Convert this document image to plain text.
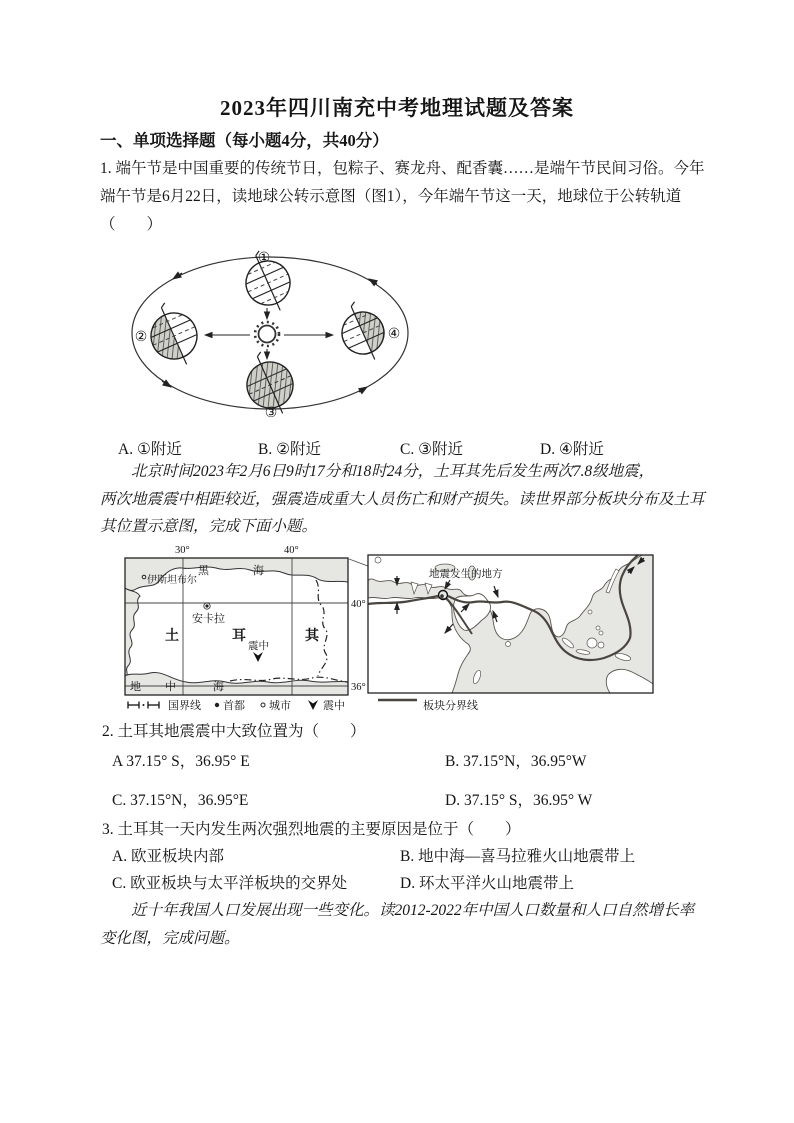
2023年四川南充中考地理试题及答案
一、单项选择题（每小题4分，共40分）
1. 端午节是中国重要的传统节日，包粽子、赛龙舟、配香囊……是端午节民间习俗。今年
端午节是6月22日，读地球公转示意图（图1），今年端午节这一天，地球位于公转轨道
（　　）
①
②
③
④
A. ①附近	B. ②附近	C. ③附近	D. ④附近
北京时间2023年2月6日9时17分和18时24分，土耳其先后发生两次7.8级地震，
两次地震震中相距较近，强震造成重大人员伤亡和财产损失。读世界部分板块分布及土耳
其位置示意图，完成下面小题。
30°	40°
40°
36°
黑	海
伊斯坦布尔
安卡拉
土	耳	其
震中
地 中	海
地震发生的地方
国界线 首都 城市	震中	板块分界线
2. 土耳其地震震中大致位置为（　　）
A 37.15° S，36.95° E	B. 37.15°N，36.95°W
C. 37.15°N，36.95°E	D. 37.15° S，36.95° W
3. 土耳其一天内发生两次强烈地震的主要原因是位于（　　）
A. 欧亚板块内部	B. 地中海—喜马拉雅火山地震带上
C. 欧亚板块与太平洋板块的交界处	D. 环太平洋火山地震带上
近十年我国人口发展出现一些变化。读2012-2022年中国人口数量和人口自然增长率
变化图，完成问题。
